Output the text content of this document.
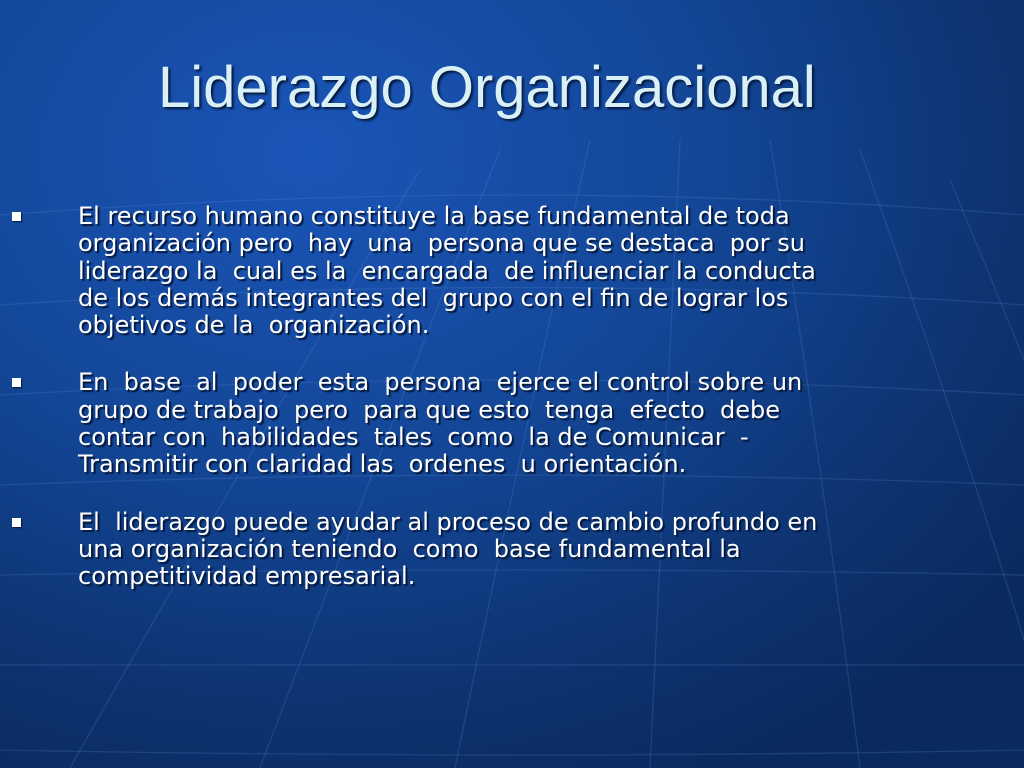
Liderazgo Organizacional
El recurso humano constituye la base fundamental de toda
organización pero  hay  una  persona que se destaca  por su
liderazgo la  cual es la  encargada  de influenciar la conducta
de los demás integrantes del  grupo con el fin de lograr los
objetivos de la  organización.
En  base  al  poder  esta  persona  ejerce el control sobre un
grupo de trabajo  pero  para que esto  tenga  efecto  debe
contar con  habilidades  tales  como  la de Comunicar  -
Transmitir con claridad las  ordenes  u orientación.
El  liderazgo puede ayudar al proceso de cambio profundo en
una organización teniendo  como  base fundamental la
competitividad empresarial.
